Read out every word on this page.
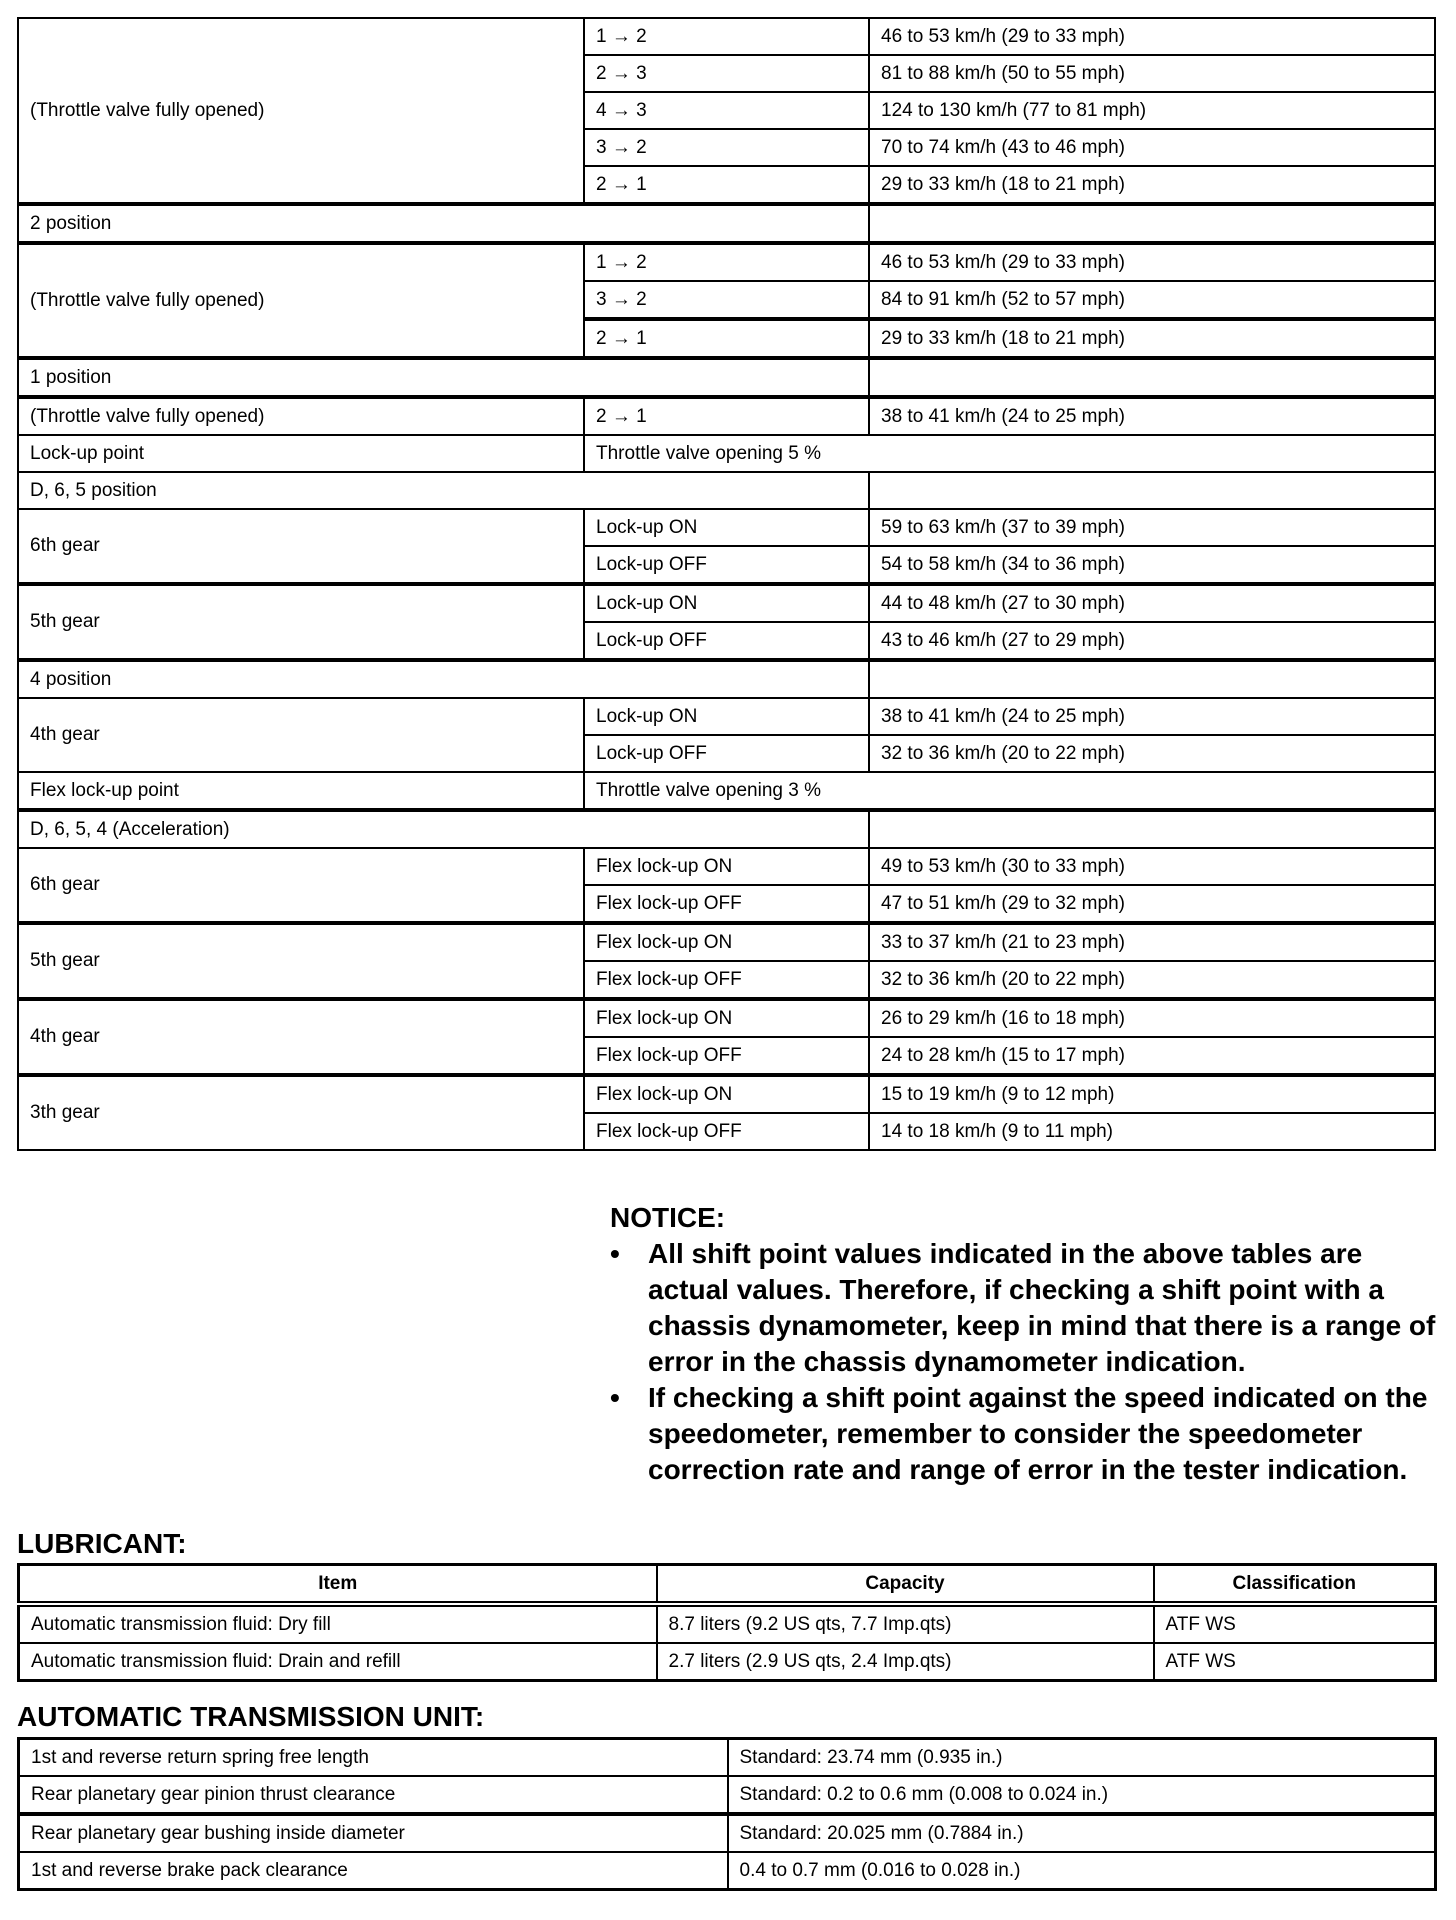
(Throttle valve fully opened)	1 → 2	46 to 53 km/h (29 to 33 mph)
	2 → 3	81 to 88 km/h (50 to 55 mph)
	4 → 3	124 to 130 km/h (77 to 81 mph)
	3 → 2	70 to 74 km/h (43 to 46 mph)
	2 → 1	29 to 33 km/h (18 to 21 mph)
2 position		
(Throttle valve fully opened)	1 → 2	46 to 53 km/h (29 to 33 mph)
	3 → 2	84 to 91 km/h (52 to 57 mph)
	2 → 1	29 to 33 km/h (18 to 21 mph)
1 position		
(Throttle valve fully opened)	2 → 1	38 to 41 km/h (24 to 25 mph)
Lock-up point	Throttle valve opening 5 %	
D, 6, 5 position		
6th gear	Lock-up ON	59 to 63 km/h (37 to 39 mph)
	Lock-up OFF	54 to 58 km/h (34 to 36 mph)
5th gear	Lock-up ON	44 to 48 km/h (27 to 30 mph)
	Lock-up OFF	43 to 46 km/h (27 to 29 mph)
4 position		
4th gear	Lock-up ON	38 to 41 km/h (24 to 25 mph)
	Lock-up OFF	32 to 36 km/h (20 to 22 mph)
Flex lock-up point	Throttle valve opening 3 %	
D, 6, 5, 4 (Acceleration)		
6th gear	Flex lock-up ON	49 to 53 km/h (30 to 33 mph)
	Flex lock-up OFF	47 to 51 km/h (29 to 32 mph)
5th gear	Flex lock-up ON	33 to 37 km/h (21 to 23 mph)
	Flex lock-up OFF	32 to 36 km/h (20 to 22 mph)
4th gear	Flex lock-up ON	26 to 29 km/h (16 to 18 mph)
	Flex lock-up OFF	24 to 28 km/h (15 to 17 mph)
3th gear	Flex lock-up ON	15 to 19 km/h (9 to 12 mph)
	Flex lock-up OFF	14 to 18 km/h (9 to 11 mph)
NOTICE:
• All shift point values indicated in the above tables are actual values. Therefore, if checking a shift point with a chassis dynamometer, keep in mind that there is a range of error in the chassis dynamometer indication.
• If checking a shift point against the speed indicated on the speedometer, remember to consider the speedometer correction rate and range of error in the tester indication.
LUBRICANT:
Item	Capacity	Classification
Automatic transmission fluid: Dry fill	8.7 liters (9.2 US qts, 7.7 Imp.qts)	ATF WS
Automatic transmission fluid: Drain and refill	2.7 liters (2.9 US qts, 2.4 Imp.qts)	ATF WS
AUTOMATIC TRANSMISSION UNIT:
1st and reverse return spring free length	Standard: 23.74 mm (0.935 in.)
Rear planetary gear pinion thrust clearance	Standard: 0.2 to 0.6 mm (0.008 to 0.024 in.)
Rear planetary gear bushing inside diameter	Standard: 20.025 mm (0.7884 in.)
1st and reverse brake pack clearance	0.4 to 0.7 mm (0.016 to 0.028 in.)
